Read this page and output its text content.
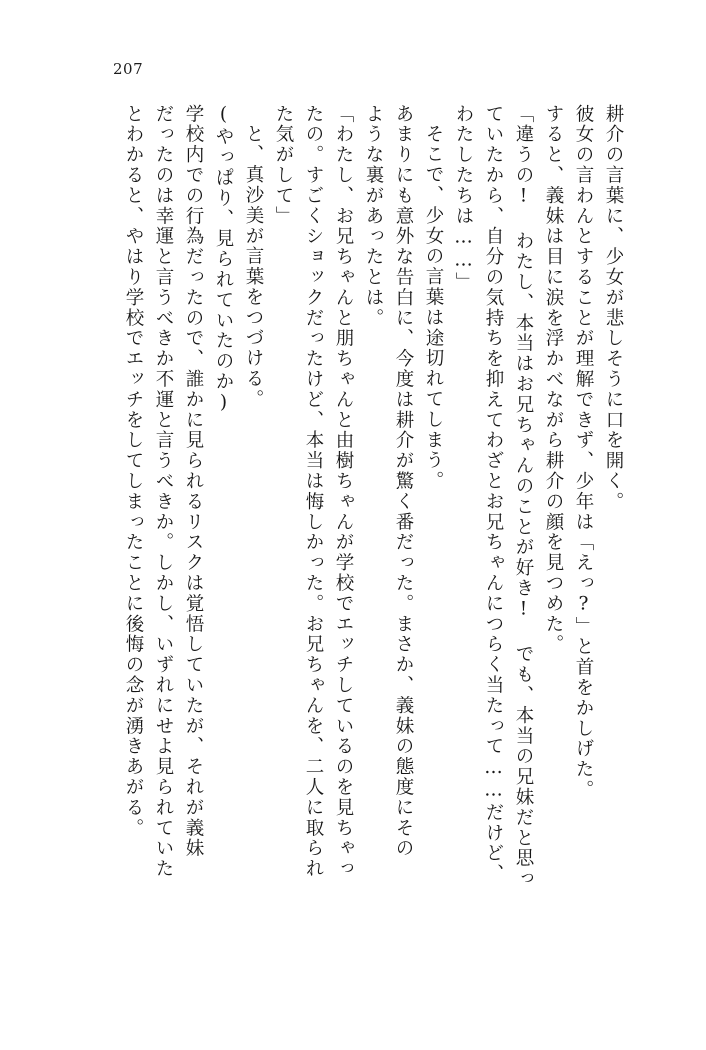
207
耕介の言葉に、少女が悲しそうに口を開く。
彼女の言わんとすることが理解できず、少年は「えっ?」と首をかしげた。
すると、義妹は目に涙を浮かべながら耕介の顔を見つめた。
「違うの! わたし、本当はお兄ちゃんのことが好き! でも、本当の兄妹だと思っ
ていたから、自分の気持ちを抑えてわざとお兄ちゃんにつらく当たって……だけど、
わたしたちは……」
そこで、少女の言葉は途切れてしまう。
あまりにも意外な告白に、今度は耕介が驚く番だった。まさか、義妹の態度にその
ような裏があったとは。
「わたし、お兄ちゃんと朋ちゃんと由樹ちゃんが学校でエッチしているのを見ちゃっ
たの。すごくショックだったけど、本当は悔しかった。お兄ちゃんを、二人に取られ
た気がして」
と、真沙美が言葉をつづける。
(やっぱり、見られていたのか)
学校内での行為だったので、誰かに見られるリスクは覚悟していたが、それが義妹
だったのは幸運と言うべきか不運と言うべきか。しかし、いずれにせよ見られていた
とわかると、やはり学校でエッチをしてしまったことに後悔の念が湧きあがる。
